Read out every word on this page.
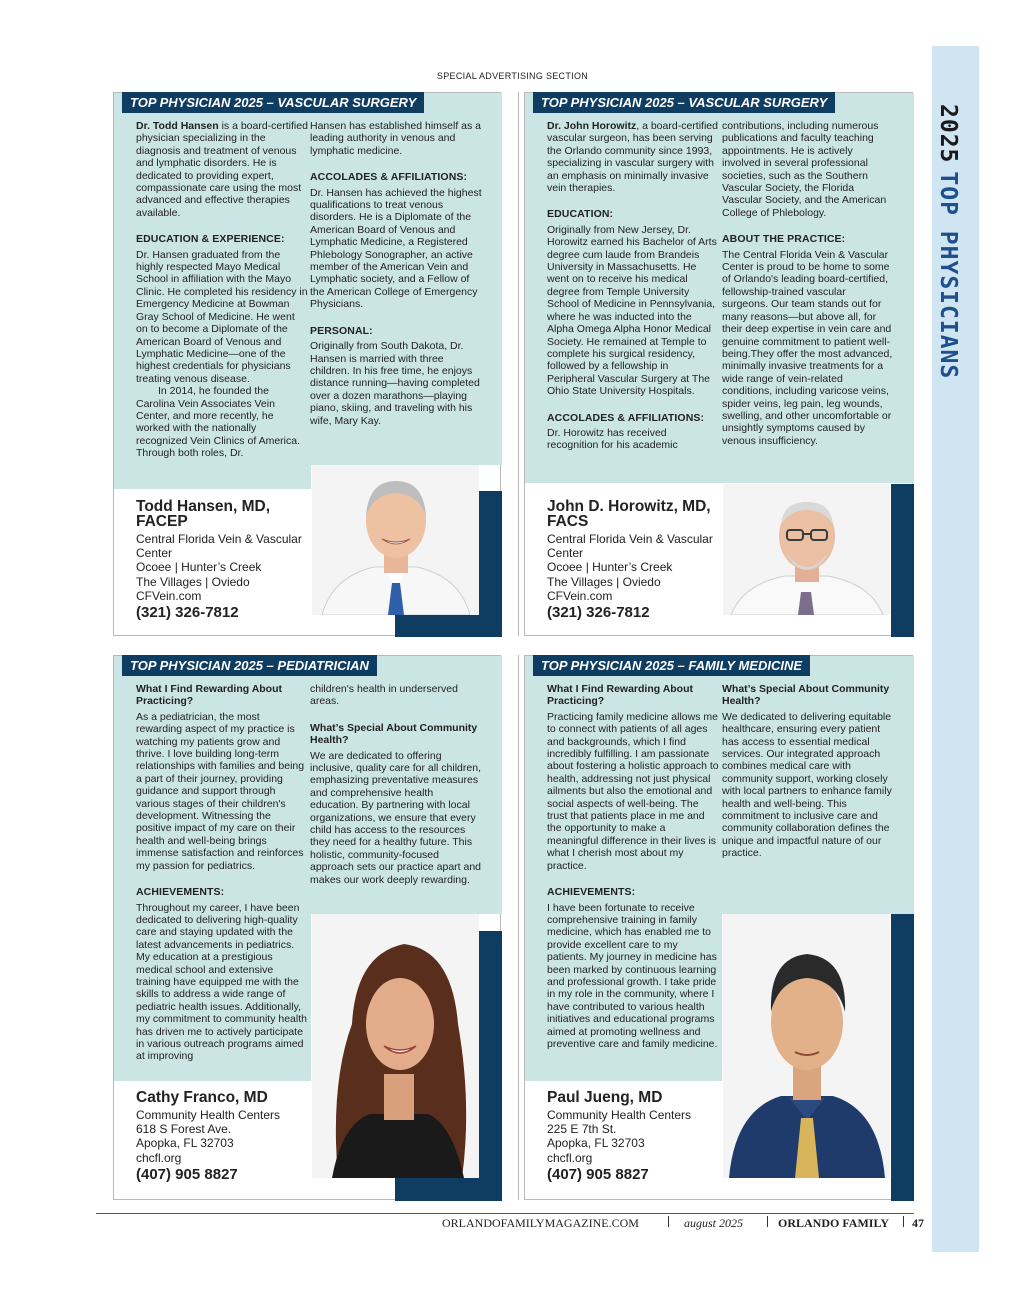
SPECIAL ADVERTISING SECTION
2025TOP PHYSICIANS
TOP PHYSICIAN 2025 – VASCULAR SURGERY

Dr. Todd Hansen is a board-certified physician specializing in the diagnosis and treatment of venous and lymphatic disorders. He is dedicated to providing expert, compassionate care using the most advanced and effective therapies available.

EDUCATION & EXPERIENCE:

Dr. Hansen graduated from the highly respected Mayo Medical School in affiliation with the Mayo Clinic. He completed his residency in Emergency Medicine at Bowman Gray School of Medicine. He went on to become a Diplomate of the American Board of Venous and Lymphatic Medicine—one of the highest credentials for physicians treating venous disease.

In 2014, he founded the Carolina Vein Associates Vein Center, and more recently, he worked with the nationally recognized Vein Clinics of America. Through both roles, Dr.

Hansen has established himself as a leading authority in venous and lymphatic medicine.

ACCOLADES & AFFILIATIONS:

Dr. Hansen has achieved the highest qualifications to treat venous disorders. He is a Diplomate of the American Board of Venous and Lymphatic Medicine, a Registered Phlebology Sonographer, an active member of the American Vein and Lymphatic society, and a Fellow of the American College of Emergency Physicians.

PERSONAL:

Originally from South Dakota, Dr. Hansen is married with three children. In his free time, he enjoys distance running—having completed over a dozen marathons—playing piano, skiing, and traveling with his wife, Mary Kay.

Todd Hansen, MD, FACEP
Central Florida Vein & Vascular Center
Ocoee | Hunter’s Creek
The Villages | Oviedo
CFVein.com
(321) 326-7812
TOP PHYSICIAN 2025 – VASCULAR SURGERY

Dr. John Horowitz, a board-certified vascular surgeon, has been serving the Orlando community since 1993, specializing in vascular surgery with an emphasis on minimally invasive vein therapies.

EDUCATION:

Originally from New Jersey, Dr. Horowitz earned his Bachelor of Arts degree cum laude from Brandeis University in Massachusetts. He went on to receive his medical degree from Temple University School of Medicine in Pennsylvania, where he was inducted into the Alpha Omega Alpha Honor Medical Society. He remained at Temple to complete his surgical residency, followed by a fellowship in Peripheral Vascular Surgery at The Ohio State University Hospitals.

ACCOLADES & AFFILIATIONS:

Dr. Horowitz has received recognition for his academic

contributions, including numerous publications and faculty teaching appointments. He is actively involved in several professional societies, such as the Southern Vascular Society, the Florida Vascular Society, and the American College of Phlebology.

ABOUT THE PRACTICE:

The Central Florida Vein & Vascular Center is proud to be home to some of Orlando's leading board-certified, fellowship-trained vascular surgeons. Our team stands out for many reasons—but above all, for their deep expertise in vein care and genuine commitment to patient well-being.They offer the most advanced, minimally invasive treatments for a wide range of vein-related conditions, including varicose veins, spider veins, leg pain, leg wounds, swelling, and other uncomfortable or unsightly symptoms caused by venous insufficiency.

John D. Horowitz, MD, FACS
Central Florida Vein & Vascular Center
Ocoee | Hunter’s Creek
The Villages | Oviedo
CFVein.com
(321) 326-7812
TOP PHYSICIAN 2025 – PEDIATRICIAN

What I Find Rewarding About Practicing?

As a pediatrician, the most rewarding aspect of my practice is watching my patients grow and thrive. I love building long-term relationships with families and being a part of their journey, providing guidance and support through various stages of their children's development. Witnessing the positive impact of my care on their health and well-being brings immense satisfaction and reinforces my passion for pediatrics.

ACHIEVEMENTS:

Throughout my career, I have been dedicated to delivering high-quality care and staying updated with the latest advancements in pediatrics. My education at a prestigious medical school and extensive training have equipped me with the skills to address a wide range of pediatric health issues. Additionally, my commitment to community health has driven me to actively participate in various outreach programs aimed at improving

children's health in underserved areas.

What’s Special About Community Health?

We are dedicated to offering inclusive, quality care for all children, emphasizing preventative measures and comprehensive health education. By partnering with local organizations, we ensure that every child has access to the resources they need for a healthy future. This holistic, community-focused approach sets our practice apart and makes our work deeply rewarding.

Cathy Franco, MD
Community Health Centers
618 S Forest Ave.
Apopka, FL 32703
chcfl.org
(407) 905 8827
TOP PHYSICIAN 2025 – FAMILY MEDICINE

What I Find Rewarding About Practicing?

Practicing family medicine allows me to connect with patients of all ages and backgrounds, which I find incredibly fulfilling. I am passionate about fostering a holistic approach to health, addressing not just physical ailments but also the emotional and social aspects of well-being. The trust that patients place in me and the opportunity to make a meaningful difference in their lives is what I cherish most about my practice.

ACHIEVEMENTS:

I have been fortunate to receive comprehensive training in family medicine, which has enabled me to provide excellent care to my patients. My journey in medicine has been marked by continuous learning and professional growth. I take pride in my role in the community, where I have contributed to various health initiatives and educational programs aimed at promoting wellness and preventive care and family medicine.

What’s Special About Community Health?

We dedicated to delivering equitable healthcare, ensuring every patient has access to essential medical services. Our integrated approach combines medical care with community support, working closely with local partners to enhance family health and well-being. This commitment to inclusive care and community collaboration defines the unique and impactful nature of our practice.

Paul Jueng, MD
Community Health Centers
225 E 7th St.
Apopka, FL 32703
chcfl.org
(407) 905 8827
ORLANDOFAMILYMAGAZINE.COM	august 2025	ORLANDO FAMILY 47
